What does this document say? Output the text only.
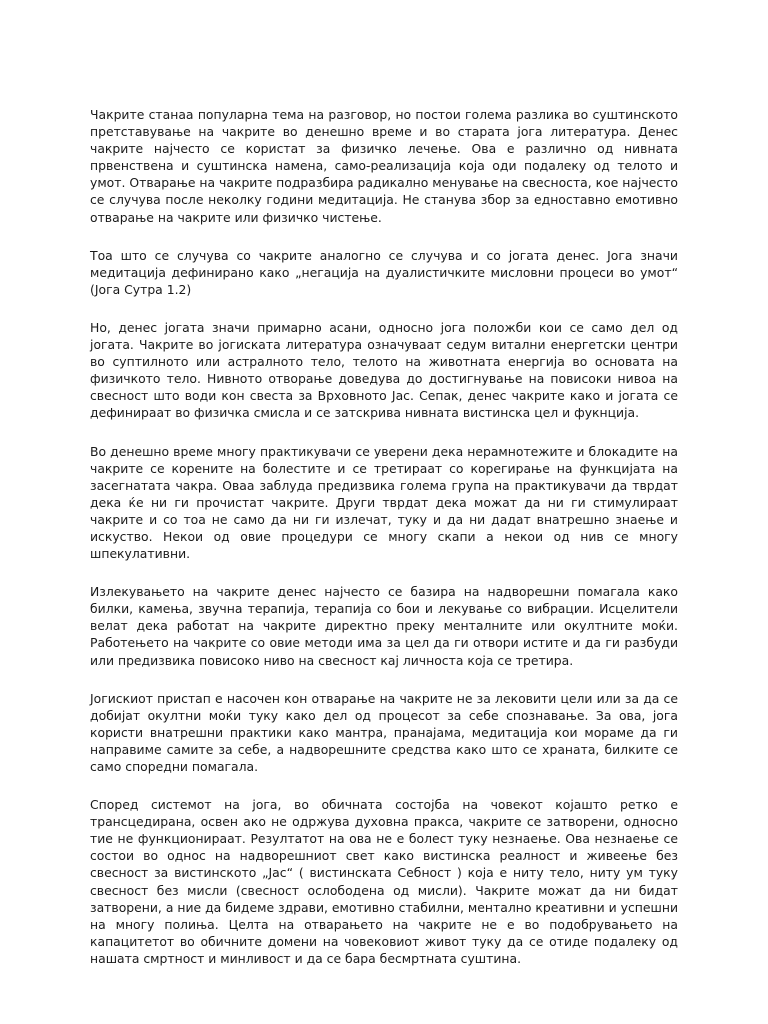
Чакрите станаа популарна тема на разговор, но постои голема разлика во суштинското претставување на чакрите во денешно време и во старата јога литература. Денес чакрите најчесто се користат за физичко лечење. Ова е различно од нивната првенствена и суштинска намена, само-реализација која оди подалеку од телото и умот. Отварање на чакрите подразбира радикално менување на свесноста, кое најчесто се случува после неколку години медитација. Не станува збор за едноставно емотивно отварање на чакрите или физичко чистење.

Тоа што се случува со чакрите аналогно се случува и со јогата денес. Јога значи медитација дефинирано како „негација на дуалистичките мисловни процеси во умот“ (Јога Сутра 1.2)

Но, денес јогата значи примарно асани, односно јога положби кои се само дел од јогата. Чакрите во јогиската литература означуваат седум витални енергетски центри во суптилното или астралното тело, телото на животната енергија во основата на физичкото тело. Нивното отворање доведува до достигнување на повисоки нивоа на свесност што води кон свеста за Врховното Јас. Сепак, денес чакрите како и јогата се дефинираат во физичка смисла и се затскрива нивната вистинска цел и фукнција.

Во денешно време многу практикувачи се уверени дека нерамнотежите и блокадите на чакрите се корените на болестите и се третираат со корегирање на функцијата на засегнатата чакра. Оваа заблуда предизвика голема група на практикувачи да тврдат дека ќе ни ги прочистат чакрите. Други тврдат дека можат да ни ги стимулираат чакрите и со тоа не само да ни ги излечат, туку и да ни дадат внатрешно знаење и искуство. Некои од овие процедури се многу скапи а некои од нив се многу шпекулативни.

Излекувањето на чакрите денес најчесто се базира на надворешни помагала како билки, камења, звучна терапија, терапија со бои и лекување со вибрации. Исцелители велат дека работат на чакрите директно преку менталните или окултните моќи. Работењето на чакрите со овие методи има за цел да ги отвори истите и да ги разбуди или предизвика повисоко ниво на свесност кај личноста која се третира.

Јогискиот пристап е насочен кон отварање на чакрите не за лековити цели или за да се добијат окултни моќи туку како дел од процесот за себе спознавање. За ова, јога користи внатрешни практики како мантра, пранајама, медитација кои мораме да ги направиме самите за себе, а надворешните средства како што се храната, билките се само споредни помагала.

Според системот на јога, во обичната состојба на човекот којашто ретко е трансцедирана, освен ако не одржува духовна пракса, чакрите се затворени, односно тие не функционираат. Резултатот на ова не е болест туку незнаење. Ова незнаење се состои во однос на надворешниот свет како вистинска реалност и живеење без свесност за вистинското „Јас“ ( вистинската Себност ) која е ниту тело, ниту ум туку свесност без мисли (свесност ослободена од мисли). Чакрите можат да ни бидат затворени, а ние да бидеме здрави, емотивно стабилни, ментално креативни и успешни на многу полиња. Целта на отварањето на чакрите не е во подобрувањето на капацитетот во обичните домени на човековиот живот туку да се отиде подалеку од нашата смртност и минливост и да се бара бесмртната суштина.
